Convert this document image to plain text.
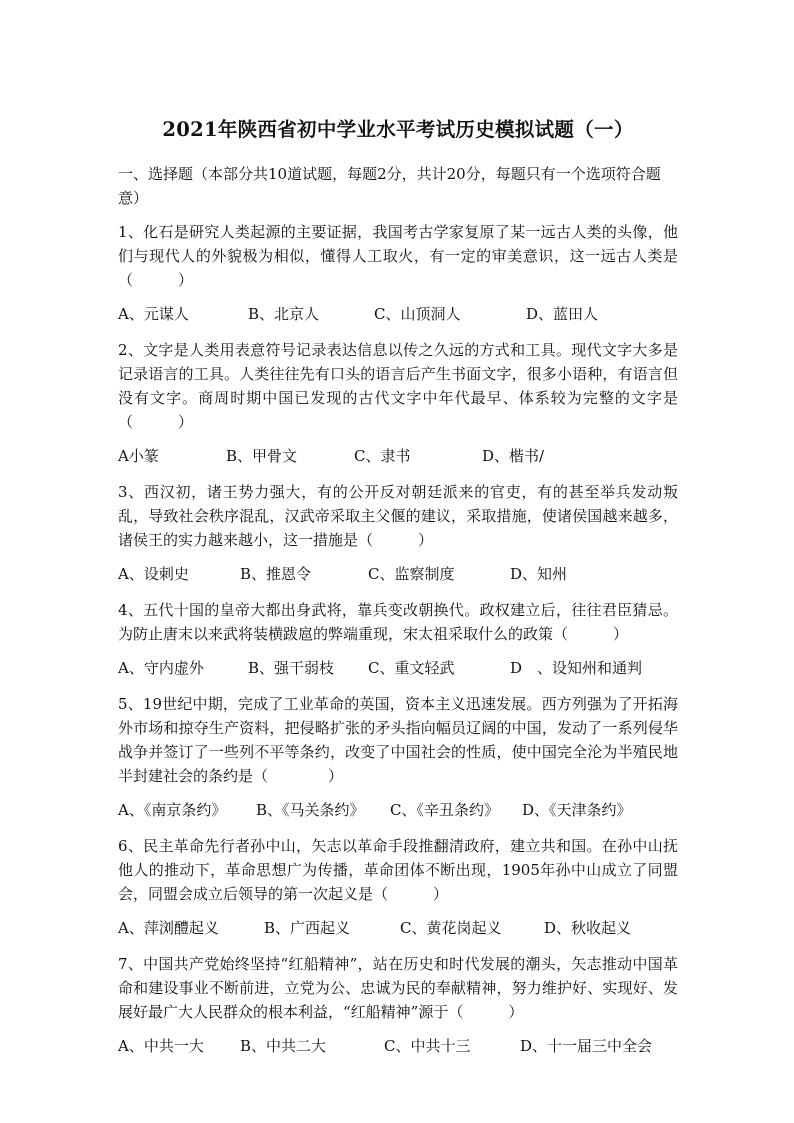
2021年陕西省初中学业水平考试历史模拟试题（一）
一、选择题（本部分共10道试题，每题2分，共计20分，每题只有一个选项符合题意）
1、化石是研究人类起源的主要证据，我国考古学家复原了某一远古人类的头像，他们与现代人的外貌极为相似，懂得人工取火，有一定的审美意识，这一远古人类是（　　　）
A、元谋人	B、北京人	C、山顶洞人	D、蓝田人
2、文字是人类用表意符号记录表达信息以传之久远的方式和工具。现代文字大多是记录语言的工具。人类往往先有口头的语言后产生书面文字，很多小语种，有语言但没有文字。商周时期中国已发现的古代文字中年代最早、体系较为完整的文字是（　　　）
A小篆	B、甲骨文	C、隶书	D、楷书/
3、西汉初，诸王势力强大，有的公开反对朝廷派来的官吏，有的甚至举兵发动叛乱，导致社会秩序混乱，汉武帝采取主父偃的建议，采取措施，使诸侯国越来越多，诸侯王的实力越来越小，这一措施是（　　　）
A、设刺史	B、推恩令	C、监察制度	D、知州
4、五代十国的皇帝大都出身武将，靠兵变改朝换代。政权建立后，往往君臣猜忌。为防止唐末以来武将装横跋扈的弊端重现，宋太祖采取什么的政策（　　　）
A、守内虚外	B、强干弱枝 C、重文轻武	D　、设知州和通判
5、19世纪中期，完成了工业革命的英国，资本主义迅速发展。西方列强为了开拓海外市场和掠夺生产资料，把侵略扩张的矛头指向幅员辽阔的中国，发动了一系列侵华战争并签订了一些列不平等条约，改变了中国社会的性质，使中国完全沦为半殖民地半封建社会的条约是（　　　　）
A、《南京条约》 B、《马关条约》 C、《辛丑条约》 D、《天津条约》
6、民主革命先行者孙中山，矢志以革命手段推翻清政府，建立共和国。在孙中山抚他人的推动下，革命思想广为传播，革命团体不断出现，1905年孙中山成立了同盟会，同盟会成立后领导的第一次起义是（　　　）
A、萍浏醴起义	B、广西起义	C、黄花岗起义	D、秋收起义
7、中国共产党始终坚持“红船精神”，站在历史和时代发展的潮头，矢志推动中国革命和建设事业不断前进，立党为公、忠诚为民的奉献精神，努力维护好、实现好、发展好最广大人民群众的根本利益，“红船精神”源于（　　　）
A、中共一大 B、中共二大	C、中共十三	D、十一届三中全会
